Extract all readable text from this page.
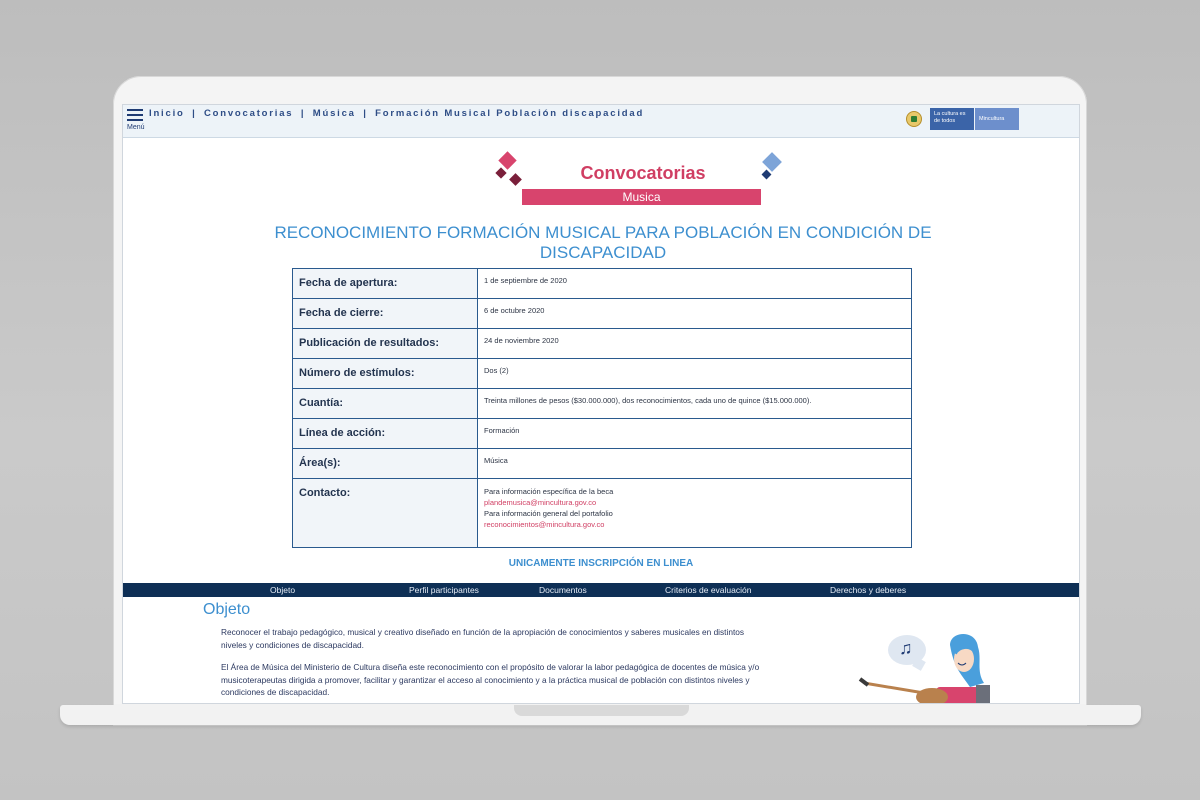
Menú
Inicio | Convocatorias | Música | Formación Musical Población discapacidad	La cultura es de todos	Mincultura
Convocatorias
Musica
RECONOCIMIENTO FORMACIÓN MUSICAL PARA POBLACIÓN EN CONDICIÓN DE DISCAPACIDAD
Fecha de apertura:	1 de septiembre de 2020
Fecha de cierre:	6 de octubre 2020
Publicación de resultados:	24 de noviembre 2020
Número de estímulos:	Dos (2)
Cuantía:	Treinta millones de pesos ($30.000.000), dos reconocimientos, cada uno de quince ($15.000.000).
Línea de acción:	Formación
Área(s):	Música
Contacto:	Para información específica de la beca
plandemusica@mincultura.gov.co
Para información general del portafolio
reconocimientos@mincultura.gov.co
UNICAMENTE INSCRIPCIÓN EN LINEA
Objeto	Perfil participantes	Documentos	Criterios de evaluación	Derechos y deberes
Objeto

Reconocer el trabajo pedagógico, musical y creativo diseñado en función de la apropiación de conocimientos y saberes musicales en distintos niveles y condiciones de discapacidad.

El Área de Música del Ministerio de Cultura diseña este reconocimiento con el propósito de valorar la labor pedagógica de docentes de música y/o musicoterapeutas dirigida a promover, facilitar y garantizar el acceso al conocimiento y a la práctica musical de población con distintos niveles y condiciones de discapacidad.

♫
